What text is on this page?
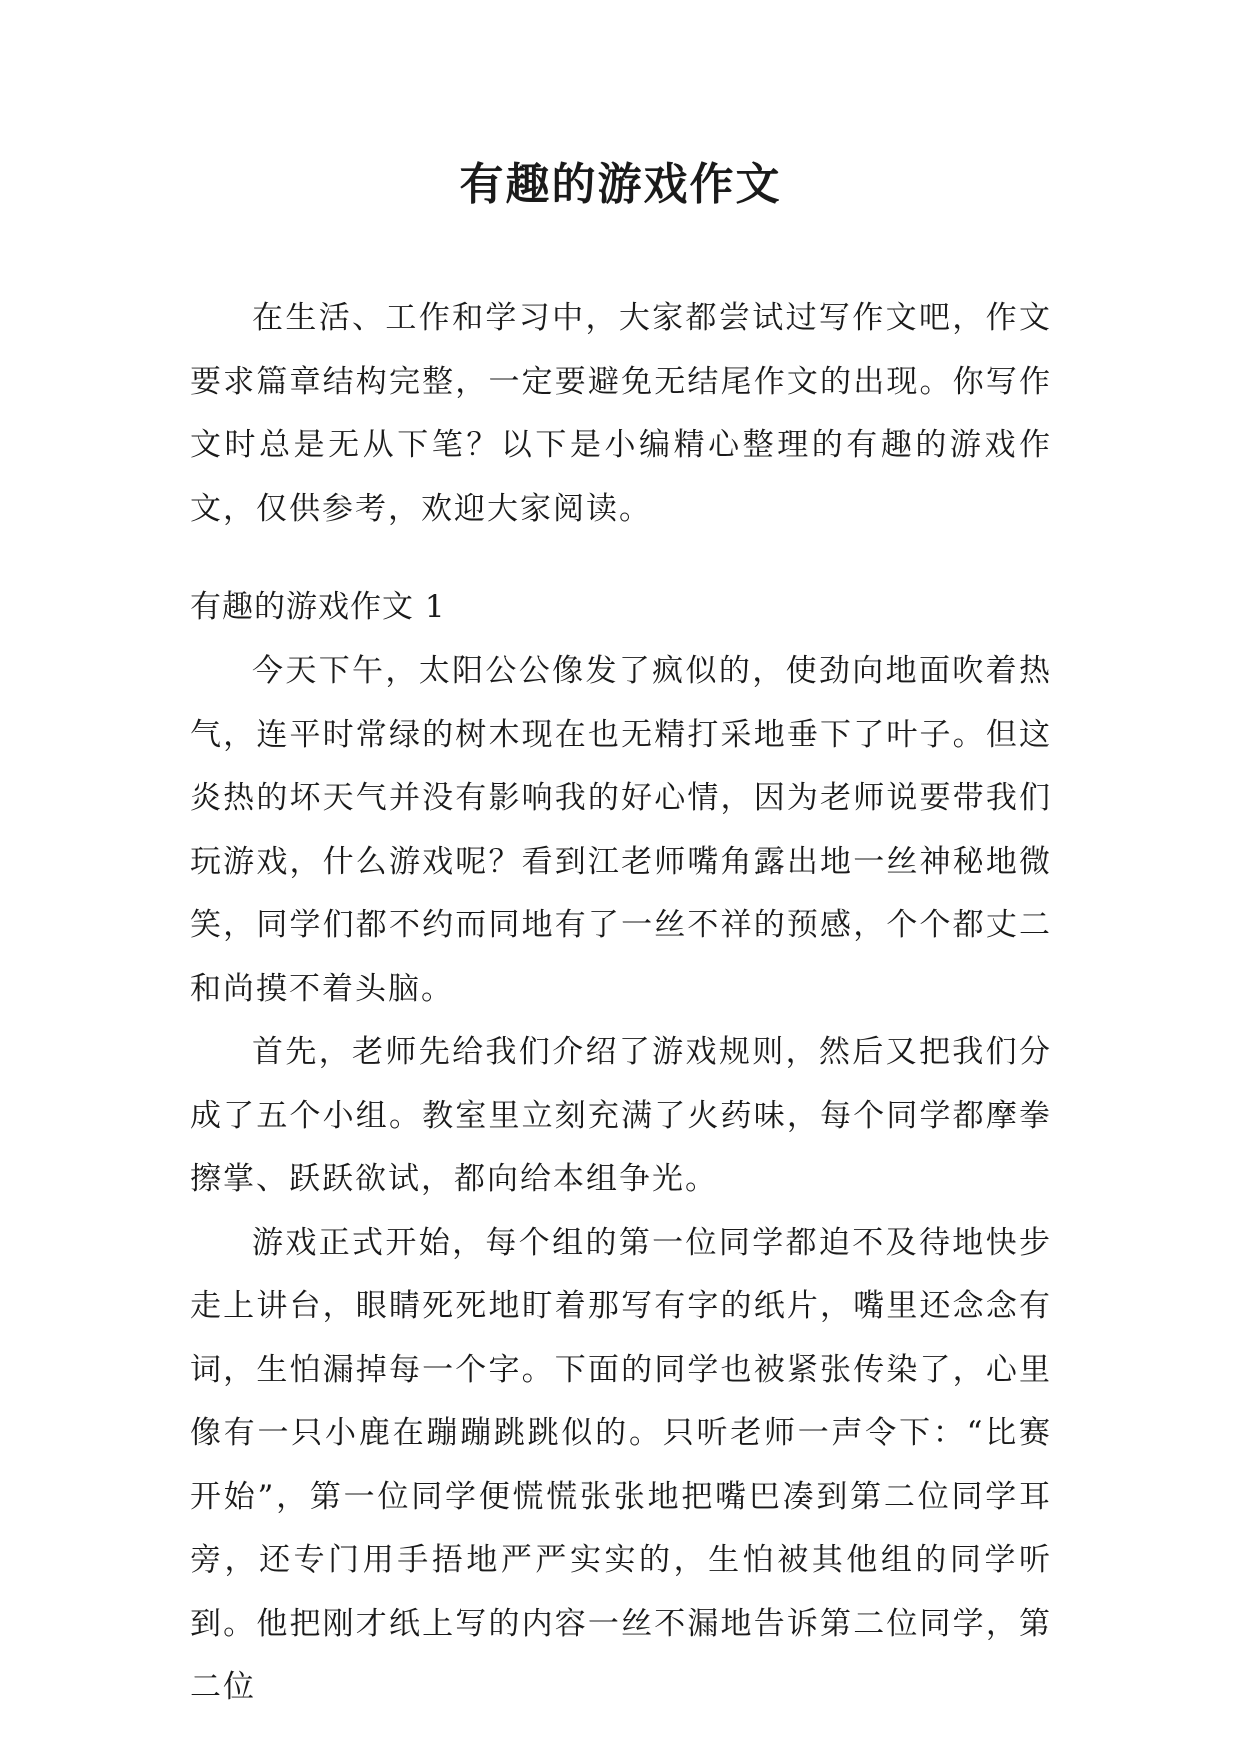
有趣的游戏作文

在生活、工作和学习中，大家都尝试过写作文吧，作文要求篇章结构完整，一定要避免无结尾作文的出现。你写作文时总是无从下笔？以下是小编精心整理的有趣的游戏作文，仅供参考，欢迎大家阅读。

有趣的游戏作文 1

今天下午，太阳公公像发了疯似的，使劲向地面吹着热气，连平时常绿的树木现在也无精打采地垂下了叶子。但这炎热的坏天气并没有影响我的好心情，因为老师说要带我们玩游戏，什么游戏呢？看到江老师嘴角露出地一丝神秘地微笑，同学们都不约而同地有了一丝不祥的预感，个个都丈二和尚摸不着头脑。

首先，老师先给我们介绍了游戏规则，然后又把我们分成了五个小组。教室里立刻充满了火药味，每个同学都摩拳擦掌、跃跃欲试，都向给本组争光。

游戏正式开始，每个组的第一位同学都迫不及待地快步走上讲台，眼睛死死地盯着那写有字的纸片，嘴里还念念有词，生怕漏掉每一个字。下面的同学也被紧张传染了，心里像有一只小鹿在蹦蹦跳跳似的。只听老师一声令下：“比赛开始”，第一位同学便慌慌张张地把嘴巴凑到第二位同学耳旁，还专门用手捂地严严实实的，生怕被其他组的同学听到。他把刚才纸上写的内容一丝不漏地告诉第二位同学，第二位
